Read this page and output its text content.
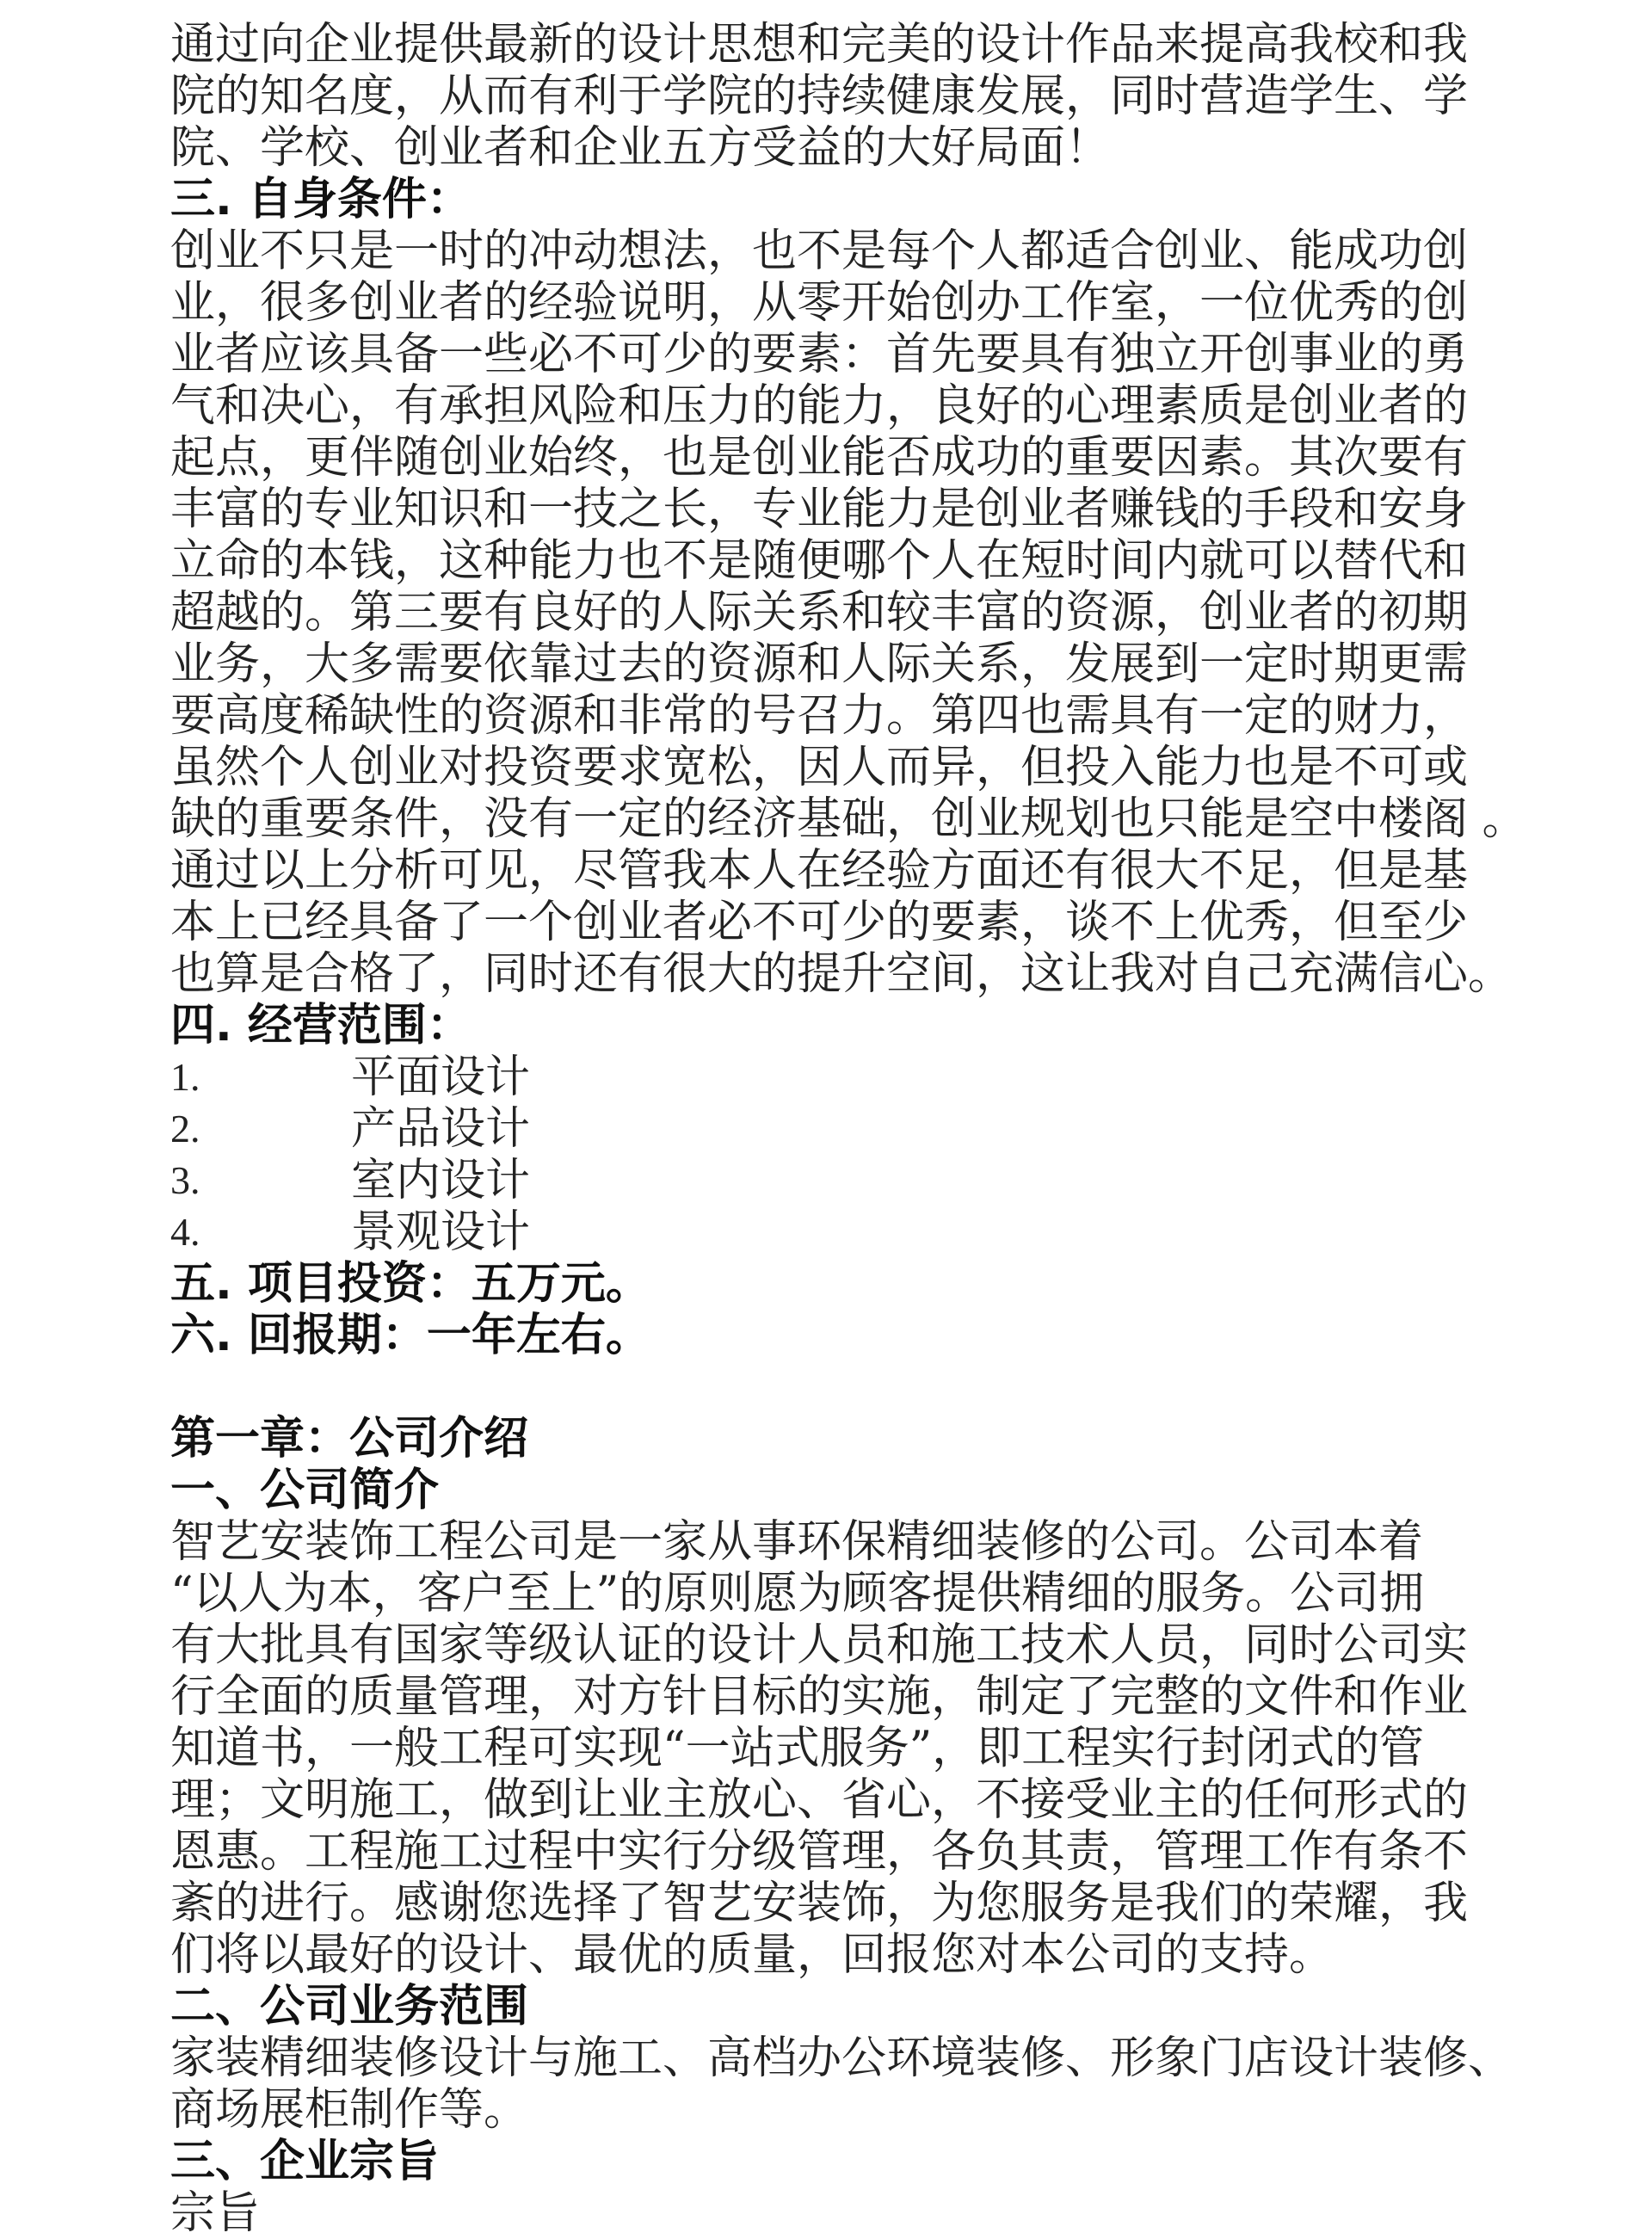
通过向企业提供最新的设计思想和完美的设计作品来提高我校和我
院的知名度，从而有利于学院的持续健康发展，同时营造学生、学
院、学校、创业者和企业五方受益的大好局面！
三. 自身条件：
创业不只是一时的冲动想法，也不是每个人都适合创业、能成功创
业，很多创业者的经验说明，从零开始创办工作室，一位优秀的创
业者应该具备一些必不可少的要素：首先要具有独立开创事业的勇
气和决心，有承担风险和压力的能力，良好的心理素质是创业者的
起点，更伴随创业始终，也是创业能否成功的重要因素。其次要有
丰富的专业知识和一技之长，专业能力是创业者赚钱的手段和安身
立命的本钱，这种能力也不是随便哪个人在短时间内就可以替代和
超越的。第三要有良好的人际关系和较丰富的资源，创业者的初期
业务，大多需要依靠过去的资源和人际关系，发展到一定时期更需
要高度稀缺性的资源和非常的号召力。第四也需具有一定的财力，
虽然个人创业对投资要求宽松，因人而异，但投入能力也是不可或
缺的重要条件，没有一定的经济基础，创业规划也只能是空中楼阁 。
通过以上分析可见，尽管我本人在经验方面还有很大不足，但是基
本上已经具备了一个创业者必不可少的要素，谈不上优秀，但至少
也算是合格了，同时还有很大的提升空间，这让我对自己充满信心。
四. 经营范围：
1.	平面设计
2.	产品设计
3.	室内设计
4.	景观设计
五. 项目投资：五万元。
六. 回报期：一年左右。
第一章：公司介绍
一、公司简介
智艺安装饰工程公司是一家从事环保精细装修的公司。公司本着
“以人为本，客户至上”的原则愿为顾客提供精细的服务。公司拥
有大批具有国家等级认证的设计人员和施工技术人员，同时公司实
行全面的质量管理，对方针目标的实施，制定了完整的文件和作业
知道书，一般工程可实现“一站式服务”，即工程实行封闭式的管
理；文明施工，做到让业主放心、省心，不接受业主的任何形式的
恩惠。工程施工过程中实行分级管理，各负其责，管理工作有条不
紊的进行。感谢您选择了智艺安装饰，为您服务是我们的荣耀，我
们将以最好的设计、最优的质量，回报您对本公司的支持。
二、公司业务范围
家装精细装修设计与施工、高档办公环境装修、形象门店设计装修、
商场展柜制作等。
三、企业宗旨
宗旨
